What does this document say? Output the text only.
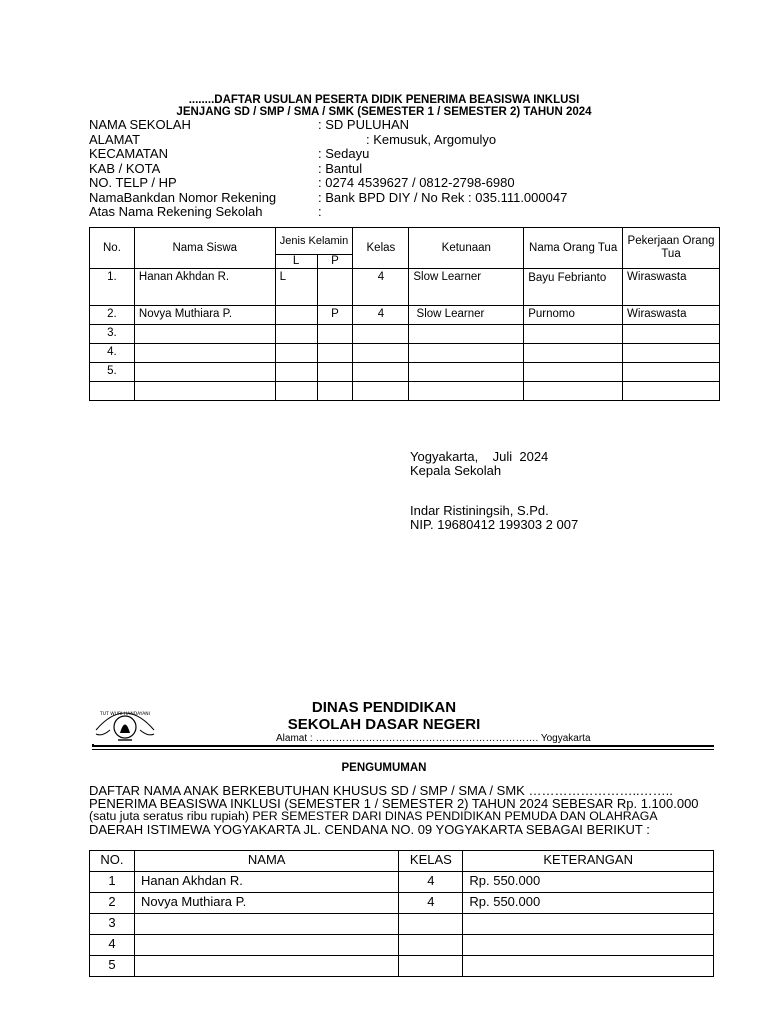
........DAFTAR USULAN PESERTA DIDIK PENERIMA BEASISWA INKLUSI
JENJANG SD / SMP / SMA / SMK (SEMESTER 1 / SEMESTER 2) TAHUN 2024
NAMA SEKOLAH	: SD PULUHAN
ALAMAT	: Kemusuk, Argomulyo
KECAMATAN	: Sedayu
KAB / KOTA	: Bantul
NO. TELP / HP	: 0274 4539627 / 0812-2798-6980
NamaBankdan Nomor Rekening	: Bank BPD DIY / No Rek : 035.111.000047
Atas Nama Rekening Sekolah	:
No.	Nama Siswa	Jenis Kelamin		Kelas	Ketunaan	Nama Orang Tua	Pekerjaan Orang Tua
		L	P				
1.	Hanan Akhdan R.	L		4	Slow Learner	Bayu Febrianto	Wiraswasta
2.	Novya Muthiara P.		P	4	Slow Learner	Purnomo	Wiraswasta
3.							
4.							
5.							

Yogyakarta,    Juli  2024
Kepala Sekolah
Indar Ristiningsih, S.Pd.
NIP. 19680412 199303 2 007
TUT WURI HANDAYANI	DINAS PENDIDIKAN
SEKOLAH DASAR NEGERI
Alamat : …………………………………………………………. Yogyakarta
PENGUMUMAN
DAFTAR NAMA ANAK BERKEBUTUHAN KHUSUS SD / SMP / SMA / SMK ……………………..……..
PENERIMA BEASISWA INKLUSI (SEMESTER 1 / SEMESTER 2) TAHUN 2024 SEBESAR Rp. 1.100.000
(satu juta seratus ribu rupiah) PER SEMESTER DARI DINAS PENDIDIKAN PEMUDA DAN OLAHRAGA
DAERAH ISTIMEWA YOGYAKARTA JL. CENDANA NO. 09 YOGYAKARTA SEBAGAI BERIKUT :
NO.	NAMA	KELAS	KETERANGAN
1	Hanan Akhdan R.	4	Rp. 550.000
2	Novya Muthiara P.	4	Rp. 550.000
3			
4			
5			
